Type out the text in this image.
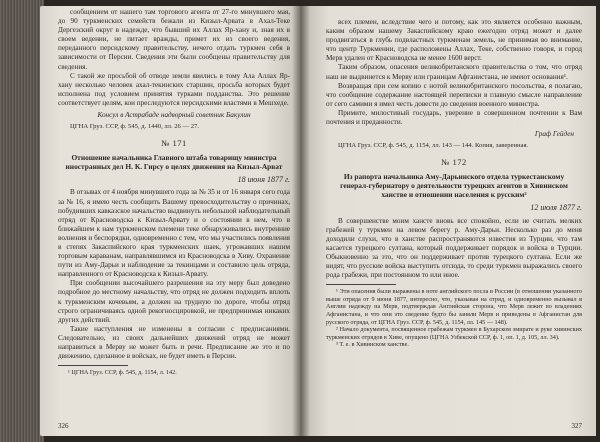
сообщением от нашего там торгового агента от 27-го минувшего мая, до 90 туркменских семейств бежали из Кизыл-Арвата в Ахал-Теке Дергезский округ в надежде, что бывший их Аллах Яр-хану и, зная их в своем ведении, не питает вражды, примет их из своего ведения, переданного персидскому правительству, нечего отдать туркмен себя в зависимости от Персии. Сведения эти были сообщены правительству для сведения.

С такой же просьбой об отводе земли явились в тому Ала Аллах Яр-хану несколько человек ахал-текинских старшин, просьба которых будет исполнена под условием принятия турками подданства. Это решение соответствует целям, кои преследуются персидскими властями в Мешхеде.

Консул в Астрабаде надворный советник Бакулин

ЦГНА Груз. ССР, ф. 545, д. 1440, лл. 26 — 27.

№ 171

Отношение начальника Главного штаба товарищу министра иностранных дел Н. К. Гирсу о целях движения на Кизыл-Арват

18 июня 1877 г.

В отзывах от 4 ноября минувшего года за № 35 и от 16 января сего года за № 16, я имею честь сообщить Вашему превосходительству о причинах, побудивших кавказское начальство выдвинуть небольшой наблюдательный отряд от Красноводска к Кизыл-Арвату и о состоянии в нем, что в ближайшем к нам туркменском племени теке обнаруживались внутренние волнения и беспорядки, одновременно с тем, что мы участились появления в степях Закаспийского края туркменских шаек, угрожавших нашим торговым караванам, направлявшимся из Красноводска в Хиву. Охранение пути из Аму-Дарьи и наблюдение за текинцами и составило цель отряда, направленного от Красноводска к Кизыл-Арвату.

При сообщении высочайшего разрешения на эту меру был доведено подробное до местному начальству, что отряд не должен подходить вплоть к туркменским кочевьям, а должен на трудную по дороге, чтобы отряд строго ограничиваясь одной рекогносцировкой, не предпринимая никаких других действий.

Такие наступления не изменены в согласии с предписаниями. Следовательно, из своих дальнейших движений отряд не может направиться в Мерву не может быть и речи. Предписание же это и по движению, сделанное в войсках, не будет иметь в Персии.

¹ ЦГНА Груз. ССР, ф. 545, д. 1154, л. 142.

326

всех племен, вследствие чего и потому, как это является особенно важным, каким образом нашему Закаспийскому краю ежегодно отряд может и далее продвигаться в глубь подвластных туркменам земель, не принимая во внимание, что центр Туркмении, где расположены Аллах, Теке, собственно говоря, и город Мерв удален от Красноводска не менее 1600 верст.

Таким образом, опасения великобританского правительства о том, что отряд наш не выдвинется к Мерву или границам Афганистана, не имеют основания¹.

Возвращая при сем копию с нотой великобританского посольства, я полагаю, что сообщение содержание настоящей переписки в главную смысле направление от сего самими я имел честь довести до сведения военного министра.

Примите, милостивый государь, уверение в совершенном почтении к Вам почтения и преданности.

Граф Гейден

ЦГНА Груз. ССР, ф. 545, д. 1154, лл. 143 — 144. Копия, заверенная.

№ 172

Из рапорта начальника Аму-Дарьинского отдела туркестанскому генерал-губернатору о деятельности турецких агентов в Хивинском ханстве и отношении населения к русским²

12 июля 1877 г.

В совершенстве моим хансте вновь все спокойно, если не считать мелких грабежей у туркмен на левом берегу р. Аму-Дарьи. Несколько раз до меня доходили слухи, что в ханстве распространяются известия из Турции, что там касается турецкого султана, который поддерживает порядок и войска в Турции. Обыкновенно за это, что он поддерживает против турецкого султана. Если же видят, что русские войска выступить отсюда, то среди туркмен выражались своего рода грабежи, при постоянном то или иное.

¹ Эти опасения были выражены в ноте английского посла в России (в отношении указанного выше отряда от 9 июня 1877, интересно, что, указывая на отряд, и одновременно вызывал в Англии надежду на Мерв, подтверждая Английская сторона, что Мерв лежит во владениях Афганистана, и что они это сведение будто бы заняли Мерв и приведены в Афганистан для русского отряда, от ЦГНА Груз. ССР, ф. 545, д. 1154, лл. 145 — 148).

² Начало документа, посвященное грабежам туркмен в Бухарском эмирате и руке хивинских туркменских отрядов в Хиве, опущено (ЦГНА Узбекской ССР, ф. 1, оп. 1, д. 105, лл. 34).

³ Т. е. в Хивинском ханстве.

327
